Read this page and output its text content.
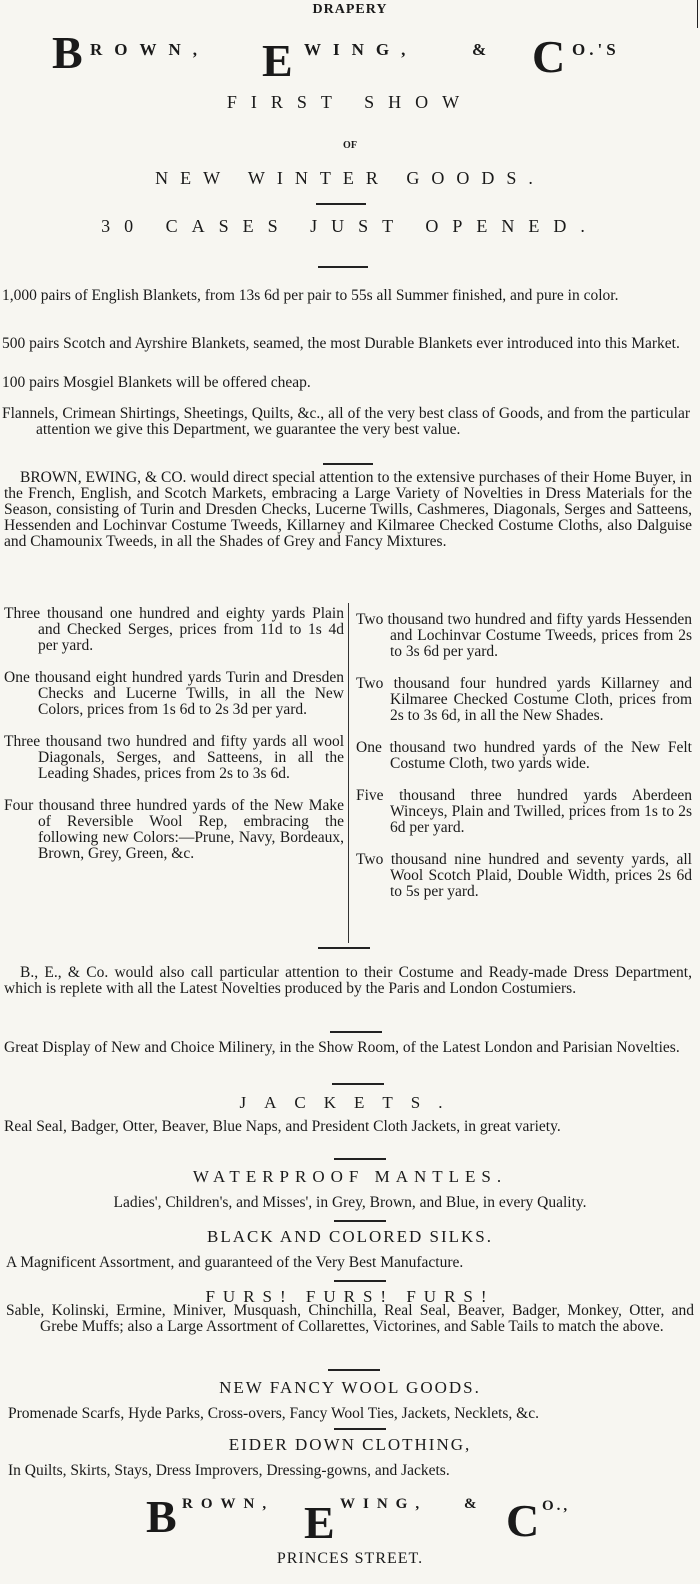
DRAPERY
B ROWN, E WING,	& C O.'S
FIRST SHOW
OF
NEW WINTER GOODS.
30 CASES JUST OPENED.
1,000 pairs of English Blankets, from 13s 6d per pair to 55s all Summer finished, and pure in color.
500 pairs Scotch and Ayrshire Blankets, seamed, the most Durable Blankets ever introduced into this Market.
100 pairs Mosgiel Blankets will be offered cheap.
Flannels, Crimean Shirtings, Sheetings, Quilts, &c., all of the very best class of Goods, and from the particular attention we give this Department, we guarantee the very best value.
BROWN, EWING, & CO. would direct special attention to the extensive purchases of their Home Buyer, in the French, English, and Scotch Markets, embracing a Large Variety of Novelties in Dress Materials for the Season, consisting of Turin and Dresden Checks, Lucerne Twills, Cashmeres, Diagonals, Serges and Satteens, Hessenden and Lochinvar Costume Tweeds, Killarney and Kilmaree Checked Costume Cloths, also Dalguise and Chamounix Tweeds, in all the Shades of Grey and Fancy Mixtures.

Three thousand one hundred and eighty yards Plain and Checked Serges, prices from 11d to 1s 4d per yard.

One thousand eight hundred yards Turin and Dresden Checks and Lucerne Twills, in all the New Colors, prices from 1s 6d to 2s 3d per yard.

Three thousand two hundred and fifty yards all wool Diagonals, Serges, and Satteens, in all the Leading Shades, prices from 2s to 3s 6d.

Four thousand three hundred yards of the New Make of Reversible Wool Rep, embracing the following new Colors:—Prune, Navy, Bordeaux, Brown, Grey, Green, &c.

Two thousand two hundred and fifty yards Hessenden and Lochinvar Costume Tweeds, prices from 2s to 3s 6d per yard.

Two thousand four hundred yards Killarney and Kilmaree Checked Costume Cloth, prices from 2s to 3s 6d, in all the New Shades.

One thousand two hundred yards of the New Felt Costume Cloth, two yards wide.

Five thousand three hundred yards Aberdeen Winceys, Plain and Twilled, prices from 1s to 2s 6d per yard.

Two thousand nine hundred and seventy yards, all Wool Scotch Plaid, Double Width, prices 2s 6d to 5s per yard.

B., E., & Co. would also call particular attention to their Costume and Ready-made Dress Department, which is replete with all the Latest Novelties produced by the Paris and London Costumiers.
Great Display of New and Choice Milinery, in the Show Room, of the Latest London and Parisian Novelties.
JACKETS.
Real Seal, Badger, Otter, Beaver, Blue Naps, and President Cloth Jackets, in great variety.
WATERPROOF MANTLES.
Ladies', Children's, and Misses', in Grey, Brown, and Blue, in every Quality.
BLACK AND COLORED SILKS.
A Magnificent Assortment, and guaranteed of the Very Best Manufacture.
FURS! FURS! FURS!
Sable, Kolinski, Ermine, Miniver, Musquash, Chinchilla, Real Seal, Beaver, Badger, Monkey, Otter, and Grebe Muffs; also a Large Assortment of Collarettes, Victorines, and Sable Tails to match the above.
NEW FANCY WOOL GOODS.
Promenade Scarfs, Hyde Parks, Cross-overs, Fancy Wool Ties, Jackets, Necklets, &c.
EIDER DOWN CLOTHING,
In Quilts, Skirts, Stays, Dress Improvers, Dressing-gowns, and Jackets.
B ROWN, E WING, & C O.,
PRINCES STREET.
